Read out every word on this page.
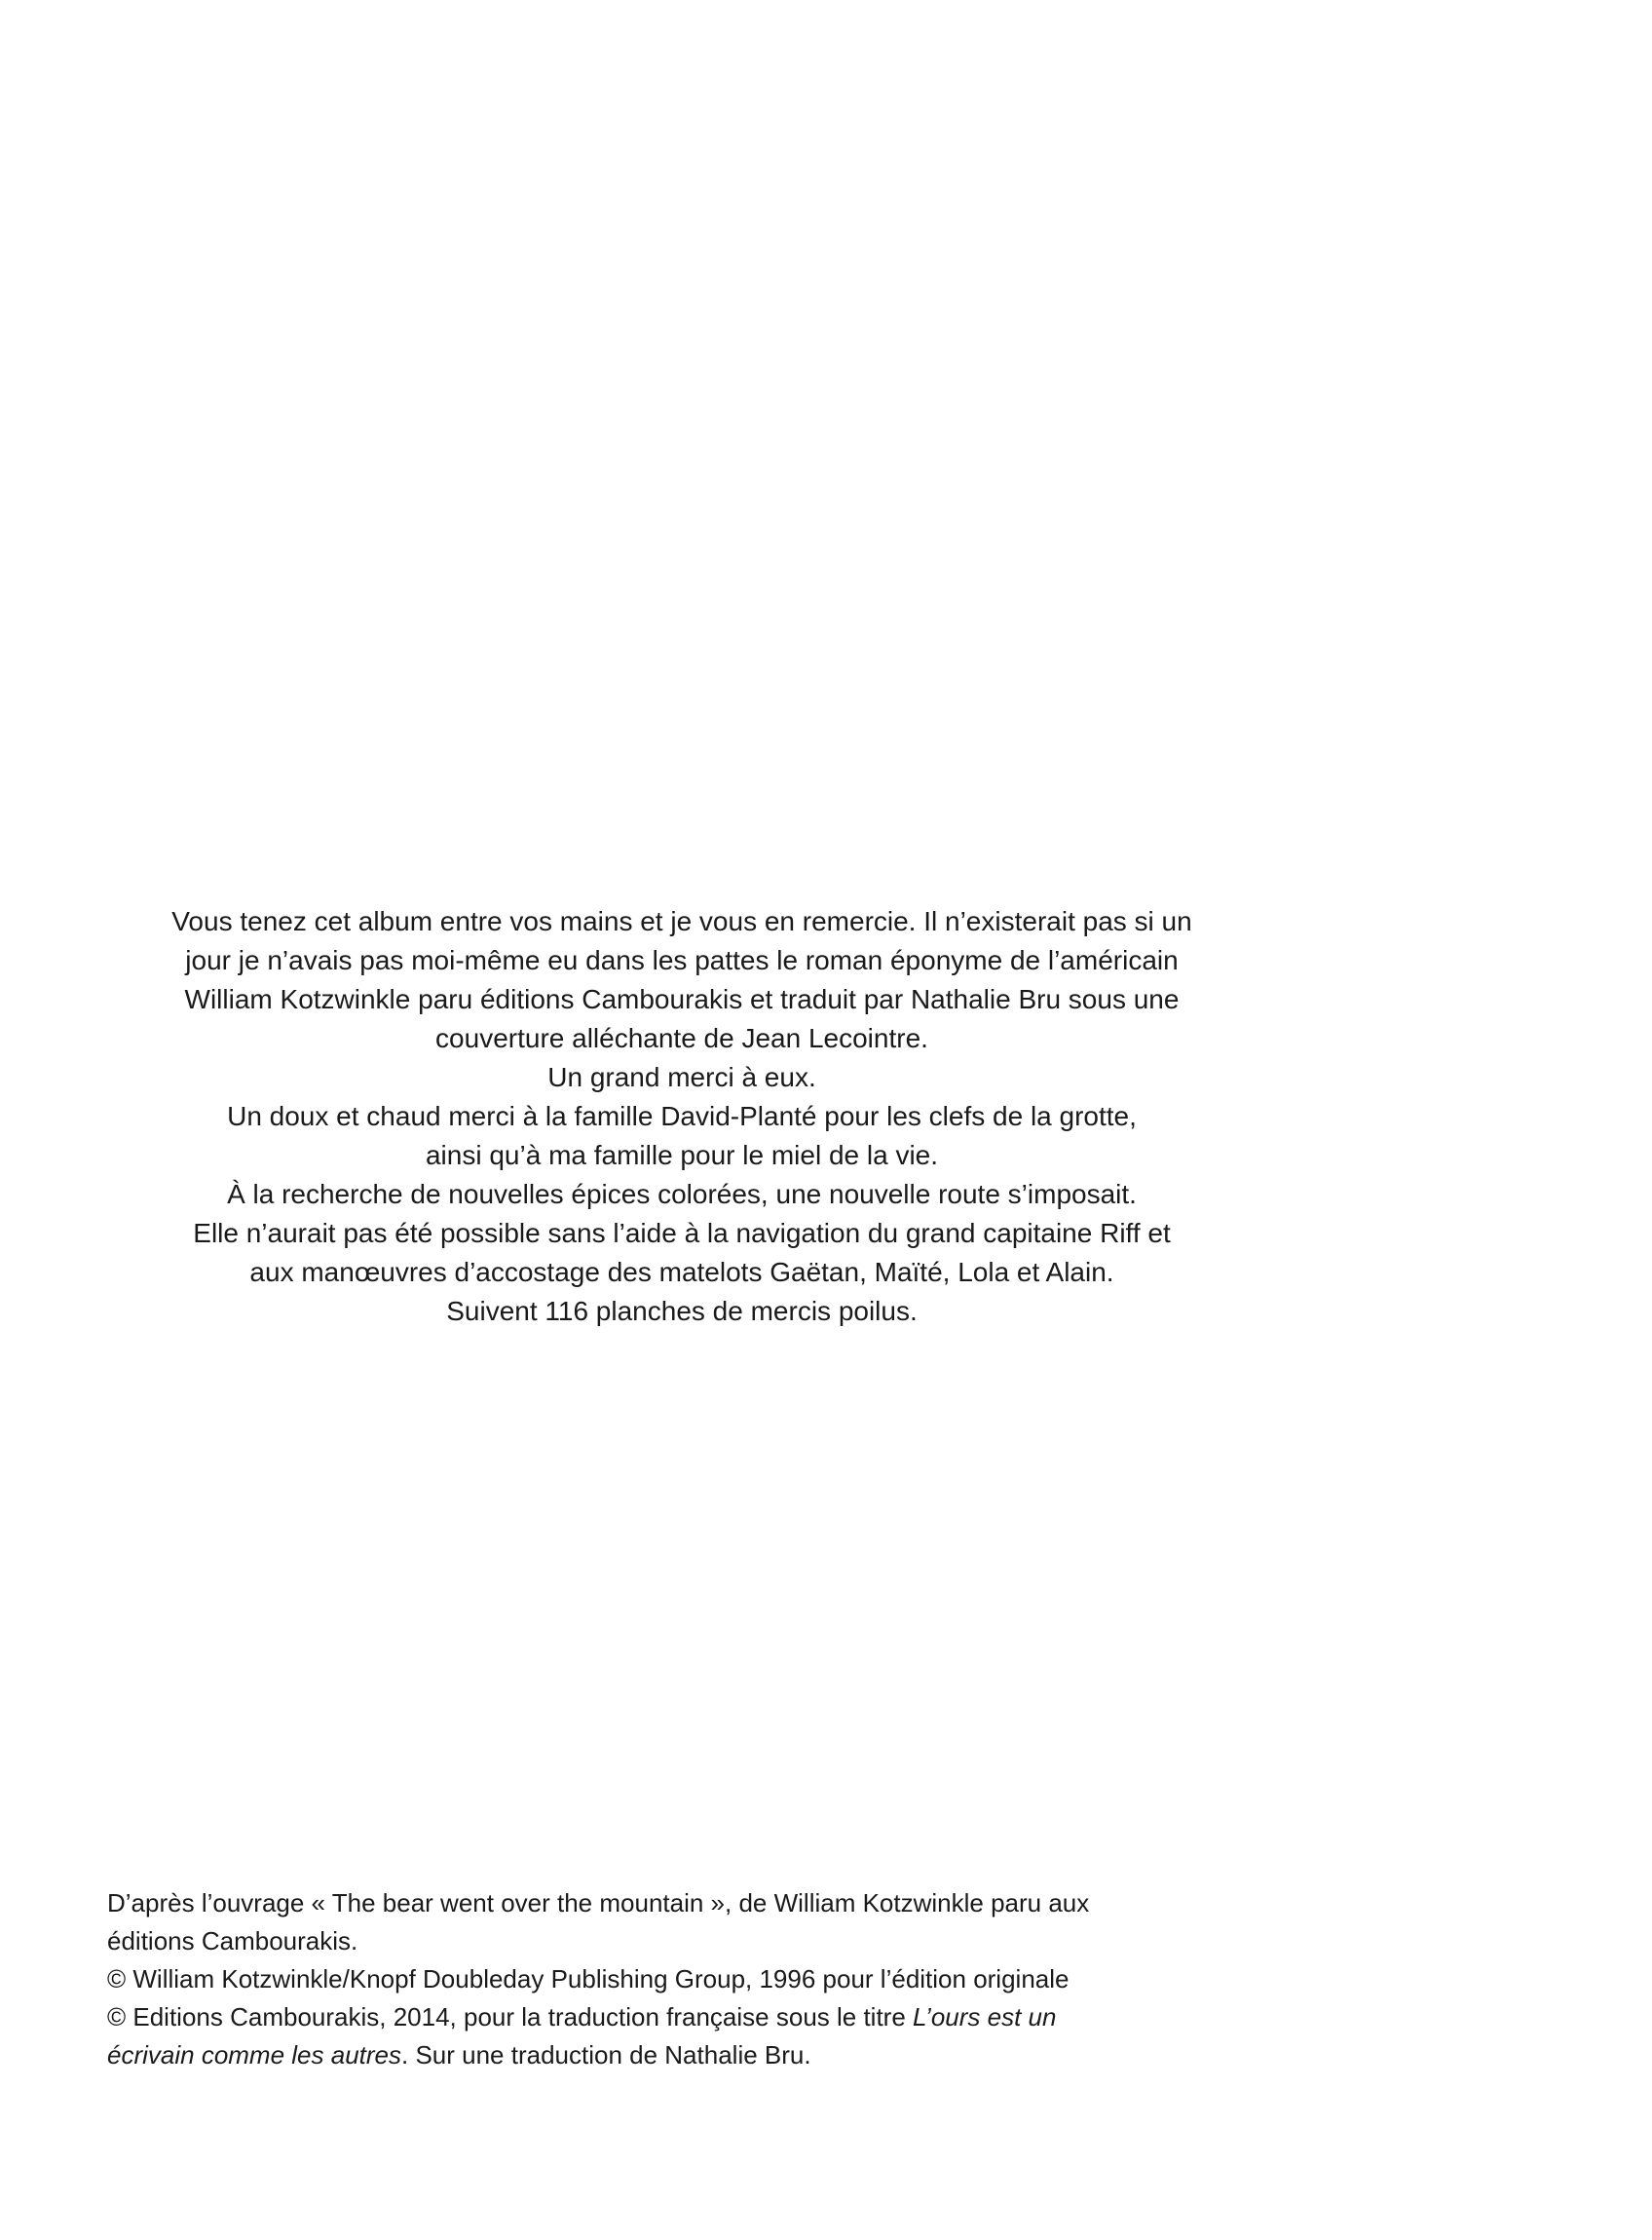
Vous tenez cet album entre vos mains et je vous en remercie. Il n’existerait pas si un
jour je n’avais pas moi-même eu dans les pattes le roman éponyme de l’américain
William Kotzwinkle paru éditions Cambourakis et traduit par Nathalie Bru sous une
couverture alléchante de Jean Lecointre.
Un grand merci à eux.
Un doux et chaud merci à la famille David-Planté pour les clefs de la grotte,
ainsi qu’à ma famille pour le miel de la vie.
À la recherche de nouvelles épices colorées, une nouvelle route s’imposait.
Elle n’aurait pas été possible sans l’aide à la navigation du grand capitaine Riff et
aux manœuvres d’accostage des matelots Gaëtan, Maïté, Lola et Alain.
Suivent 116 planches de mercis poilus.
D’après l’ouvrage « The bear went over the mountain », de William Kotzwinkle paru aux
éditions Cambourakis.
© William Kotzwinkle/Knopf Doubleday Publishing Group, 1996 pour l’édition originale
© Editions Cambourakis, 2014, pour la traduction française sous le titre L’ours est un
écrivain comme les autres. Sur une traduction de Nathalie Bru.
